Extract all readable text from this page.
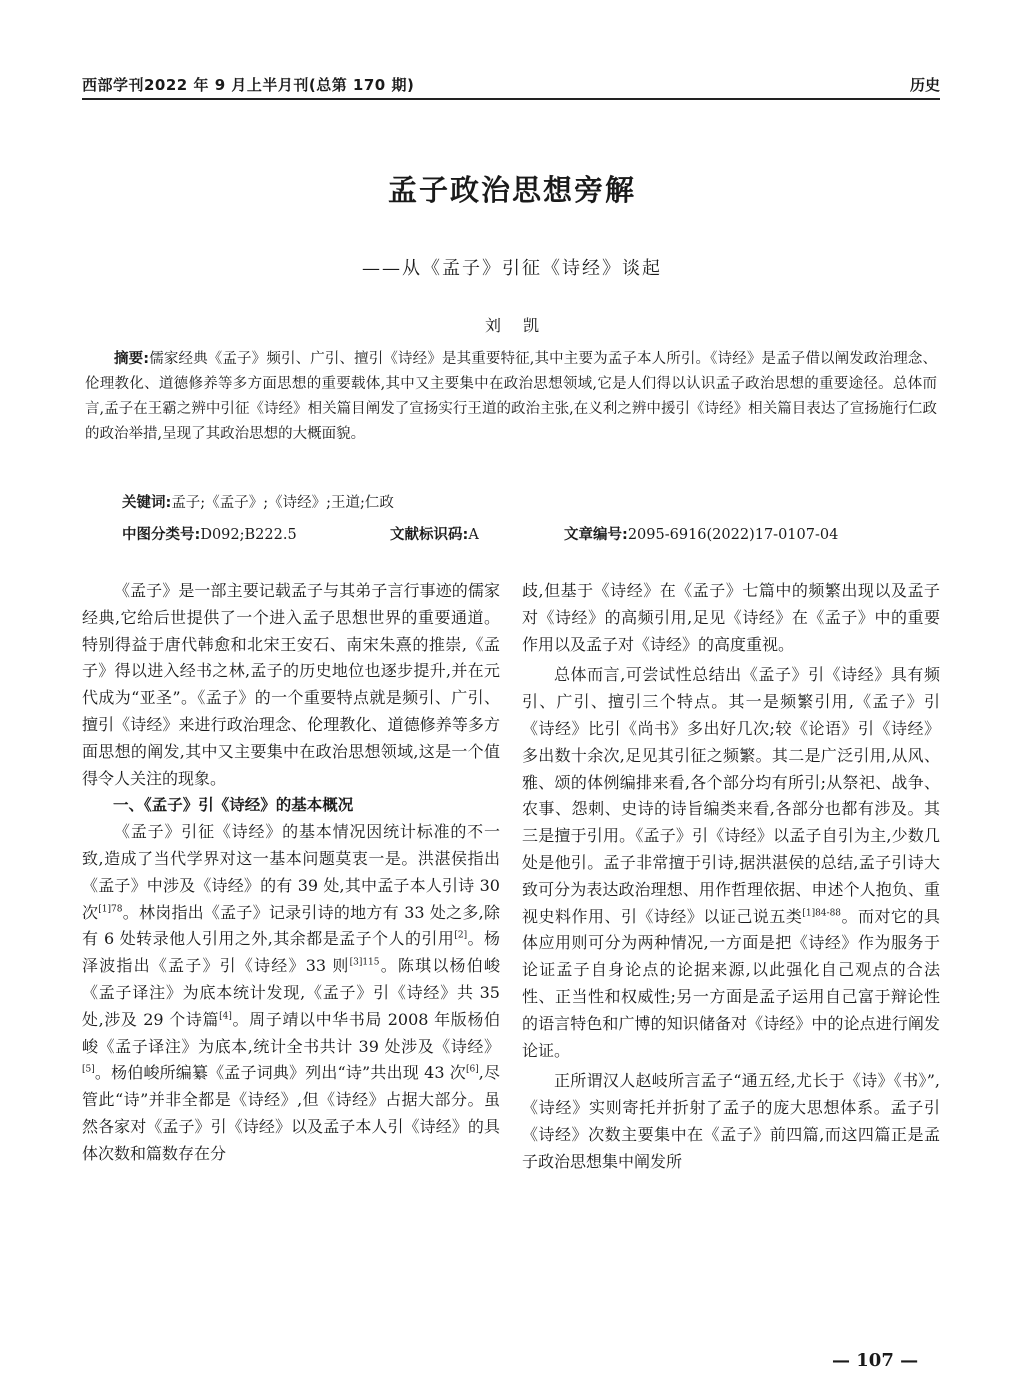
西部学刊2022 年 9 月上半月刊(总第 170 期)	历史
孟子政治思想旁解
——从《孟子》引征《诗经》谈起
刘凯

摘要:儒家经典《孟子》频引、广引、擅引《诗经》是其重要特征,其中主要为孟子本人所引。《诗经》是孟子借以阐发政治理念、伦理教化、道德修养等多方面思想的重要载体,其中又主要集中在政治思想领域,它是人们得以认识孟子政治思想的重要途径。总体而言,孟子在王霸之辨中引征《诗经》相关篇目阐发了宣扬实行王道的政治主张,在义利之辨中援引《诗经》相关篇目表达了宣扬施行仁政的政治举措,呈现了其政治思想的大概面貌。

关键词:孟子;《孟子》;《诗经》;王道;仁政
中图分类号:D092;B222.5	文献标识码:A	文章编号:2095-6916(2022)17-0107-04

《孟子》是一部主要记载孟子与其弟子言行事迹的儒家经典,它给后世提供了一个进入孟子思想世界的重要通道。特别得益于唐代韩愈和北宋王安石、南宋朱熹的推崇,《孟子》得以进入经书之林,孟子的历史地位也逐步提升,并在元代成为“亚圣”。《孟子》的一个重要特点就是频引、广引、擅引《诗经》来进行政治理念、伦理教化、道德修养等多方面思想的阐发,其中又主要集中在政治思想领域,这是一个值得令人关注的现象。

一、《孟子》引《诗经》的基本概况

《孟子》引征《诗经》的基本情况因统计标准的不一致,造成了当代学界对这一基本问题莫衷一是。洪湛侯指出《孟子》中涉及《诗经》的有 39 处,其中孟子本人引诗 30 次$^{[1]78}$。林岗指出《孟子》记录引诗的地方有 33 处之多,除有 6 处转录他人引用之外,其余都是孟子个人的引用[2]。杨泽波指出《孟子》引《诗经》33 则$^{[3]115}$。陈琪以杨伯峻《孟子译注》为底本统计发现,《孟子》引《诗经》共 35 处,涉及 29 个诗篇[4]。周子靖以中华书局 2008 年版杨伯峻《孟子译注》为底本,统计全书共计 39 处涉及《诗经》[5]。杨伯峻所编纂《孟子词典》列出“诗”共出现 43 次[6],尽管此“诗”并非全都是《诗经》,但《诗经》占据大部分。虽然各家对《孟子》引《诗经》以及孟子本人引《诗经》的具体次数和篇数存在分

歧,但基于《诗经》在《孟子》七篇中的频繁出现以及孟子对《诗经》的高频引用,足见《诗经》在《孟子》中的重要作用以及孟子对《诗经》的高度重视。

总体而言,可尝试性总结出《孟子》引《诗经》具有频引、广引、擅引三个特点。其一是频繁引用,《孟子》引《诗经》比引《尚书》多出好几次;较《论语》引《诗经》多出数十余次,足见其引征之频繁。其二是广泛引用,从风、雅、颂的体例编排来看,各个部分均有所引;从祭祀、战争、农事、怨刺、史诗的诗旨编类来看,各部分也都有涉及。其三是擅于引用。《孟子》引《诗经》以孟子自引为主,少数几处是他引。孟子非常擅于引诗,据洪湛侯的总结,孟子引诗大致可分为表达政治理想、用作哲理依据、申述个人抱负、重视史料作用、引《诗经》以证己说五类$^{[1]84-88}$。而对它的具体应用则可分为两种情况,一方面是把《诗经》作为服务于论证孟子自身论点的论据来源,以此强化自己观点的合法性、正当性和权威性;另一方面是孟子运用自己富于辩论性的语言特色和广博的知识储备对《诗经》中的论点进行阐发论证。

正所谓汉人赵岐所言孟子“通五经,尤长于《诗》《书》”,《诗经》实则寄托并折射了孟子的庞大思想体系。孟子引《诗经》次数主要集中在《孟子》前四篇,而这四篇正是孟子政治思想集中阐发所

— 107 —
